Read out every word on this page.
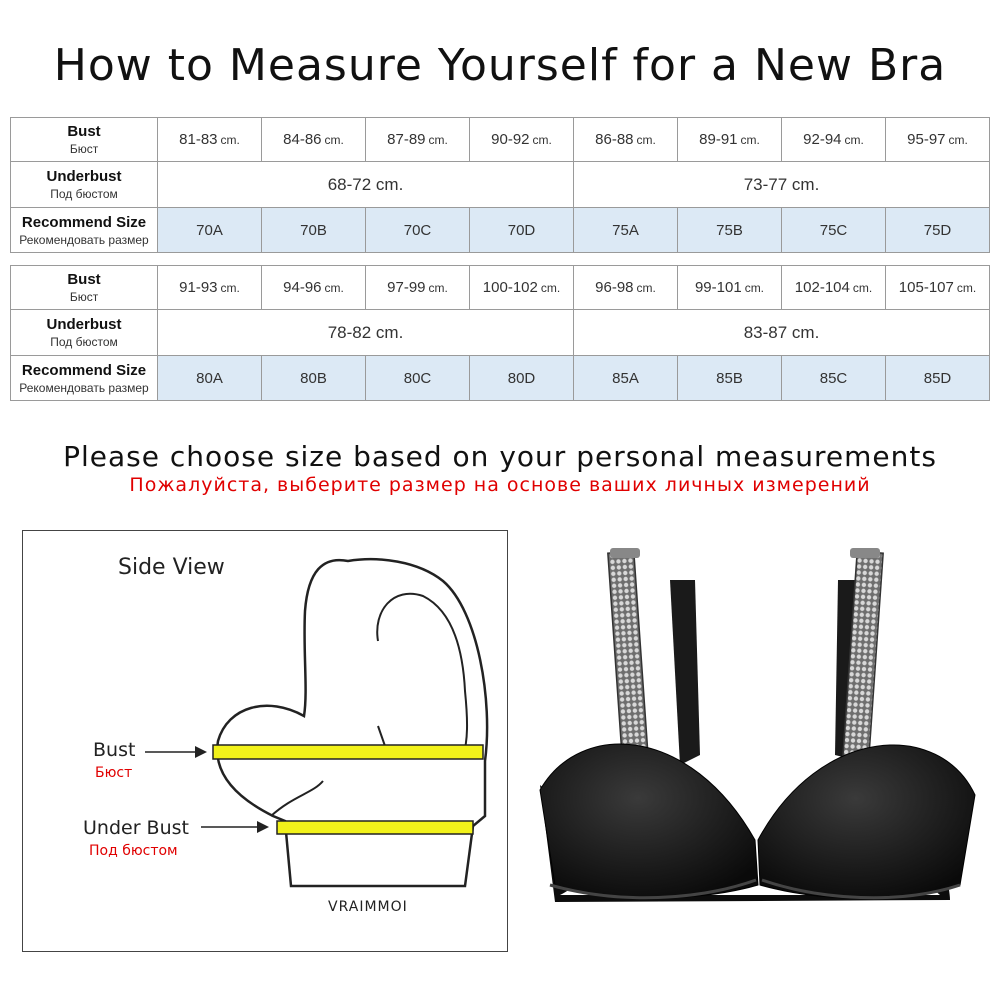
How to Measure Yourself for a New Bra
Bust
Бюст	81-83 cm.	84-86 cm.	87-89 cm.	90-92 cm.	86-88 cm.	89-91 cm.	92-94 cm.	95-97 cm.

Underbust
Под бюстом	68-72 cm.				73-77 cm.			

Recommend Size
Рекомендовать размер	70A	70B	70C	70D	75A	75B	75C	75D
Bust
Бюст	91-93 cm.	94-96 cm.	97-99 cm.	100-102 cm.	96-98 cm.	99-101 cm.	102-104 cm.	105-107 cm.

Underbust
Под бюстом	78-82 cm.				83-87 cm.			

Recommend Size
Рекомендовать размер	80A	80B	80C	80D	85A	85B	85C	85D
Please choose size based on your personal measurements
Пожалуйста, выберите размер на основе ваших личных измерений
Side View
Bust
Бюст
Under Bust
Под бюстом
VRAIMMOI
